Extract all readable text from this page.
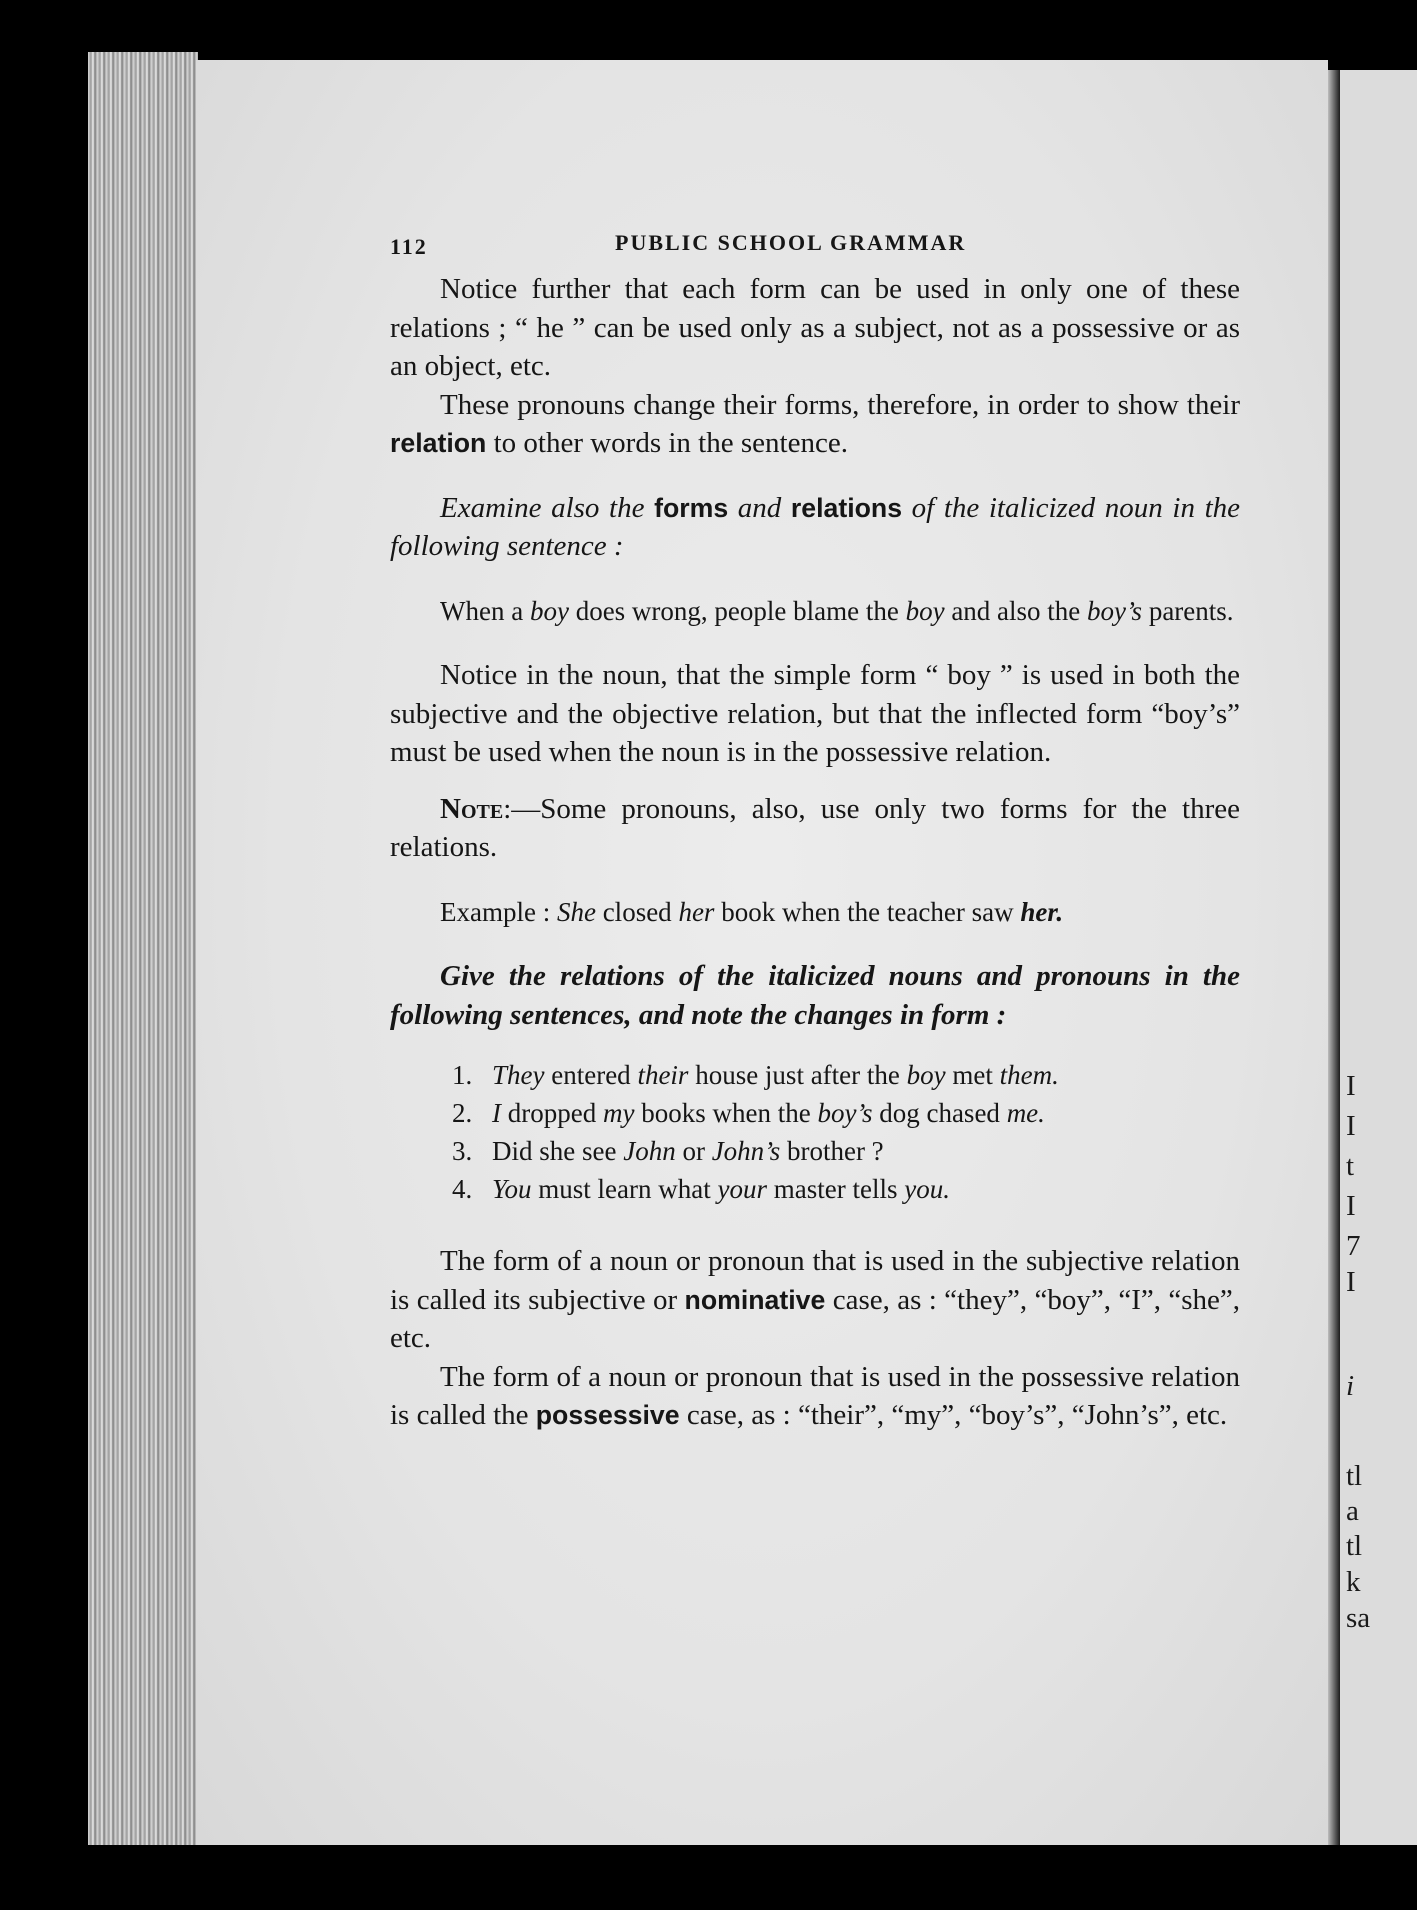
I
I
t
I
7
I
i
tl
a
tl
k
sa
112	PUBLIC SCHOOL GRAMMAR

Notice further that each form can be used in only one of these relations ; “ he ” can be used only as a subject, not as a possessive or as an object, etc.

These pronouns change their forms, therefore, in order to show their relation to other words in the sentence.

Examine also the forms and relations of the italicized noun in the following sentence :

When a boy does wrong, people blame the boy and also the boy’s parents.

Notice in the noun, that the simple form “ boy ” is used in both the subjective and the objective relation, but that the inflected form “boy’s” must be used when the noun is in the possessive relation.

Note:—Some pronouns, also, use only two forms for the three relations.

Example : She closed her book when the teacher saw her.

Give the relations of the italicized nouns and pronouns in the following sentences, and note the changes in form :

1. They entered their house just after the boy met them.
2. I dropped my books when the boy’s dog chased me.
3. Did she see John or John’s brother ?
4. You must learn what your master tells you.

The form of a noun or pronoun that is used in the subjective relation is called its subjective or nominative case, as : “they”, “boy”, “I”, “she”, etc.

The form of a noun or pronoun that is used in the possessive relation is called the possessive case, as : “their”, “my”, “boy’s”, “John’s”, etc.
